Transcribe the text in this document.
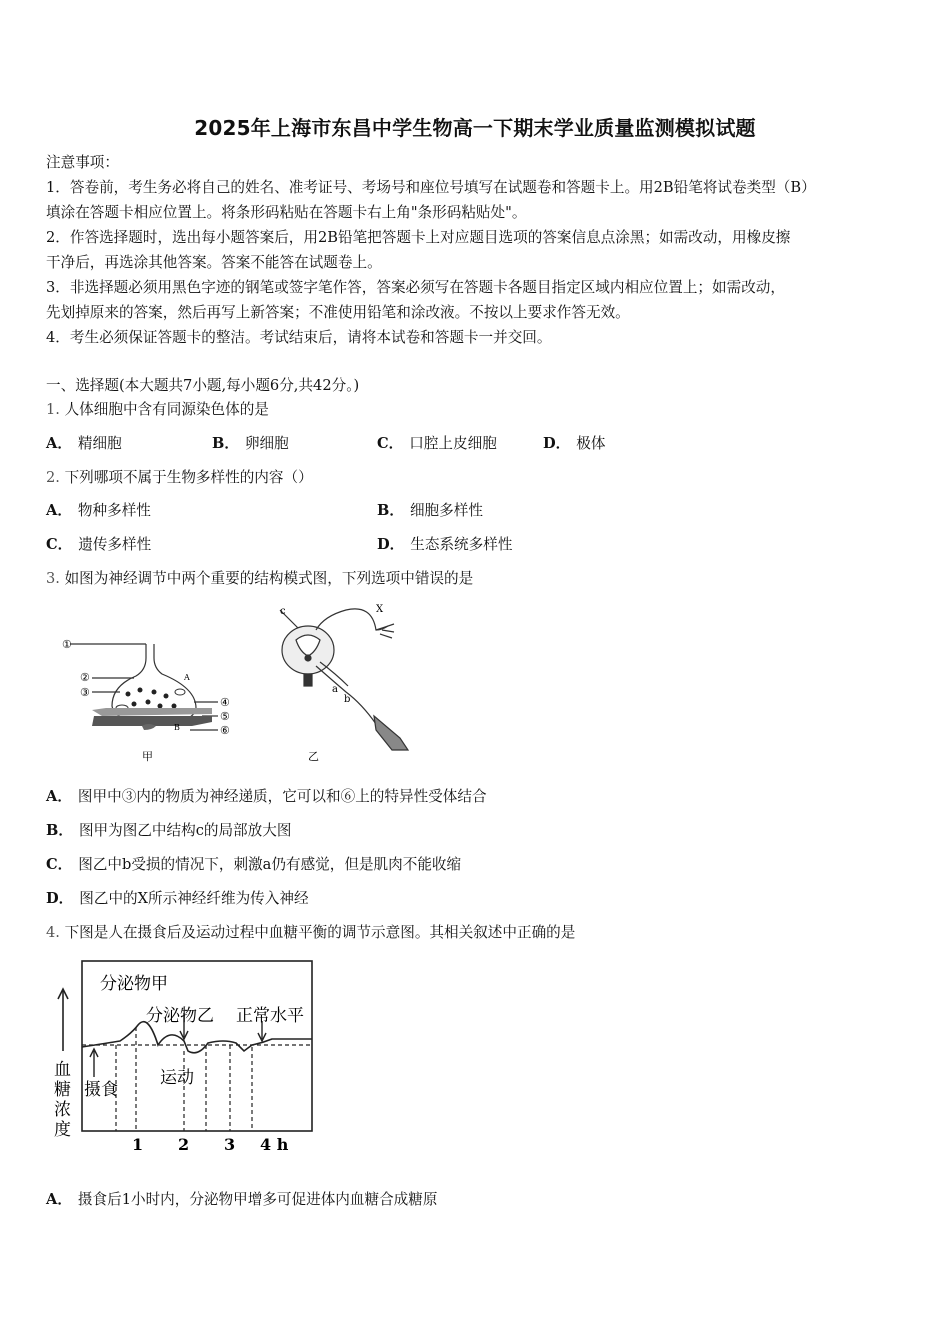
2025年上海市东昌中学生物高一下期末学业质量监测模拟试题

注意事项：

1．答卷前，考生务必将自己的姓名、准考证号、考场号和座位号填写在试题卷和答题卡上。用2B铅笔将试卷类型（B）

填涂在答题卡相应位置上。将条形码粘贴在答题卡右上角"条形码粘贴处"。

2．作答选择题时，选出每小题答案后，用2B铅笔把答题卡上对应题目选项的答案信息点涂黑；如需改动，用橡皮擦

干净后，再选涂其他答案。答案不能答在试题卷上。

3．非选择题必须用黑色字迹的钢笔或签字笔作答，答案必须写在答题卡各题目指定区域内相应位置上；如需改动，

先划掉原来的答案，然后再写上新答案；不准使用铅笔和涂改液。不按以上要求作答无效。

4．考生必须保证答题卡的整洁。考试结束后，请将本试卷和答题卡一并交回。

一、选择题(本大题共7小题,每小题6分,共42分。)
1. 人体细胞中含有同源染色体的是
A． 精细胞	B． 卵细胞	C． 口腔上皮细胞	D． 极体
2. 下列哪项不属于生物多样性的内容（）
A． 物种多样性	B． 细胞多样性
C． 遗传多样性	D． 生态系统多样性
3. 如图为神经调节中两个重要的结构模式图，下列选项中错误的是
①
②
③
④
⑤
⑥
A
B
甲
c	X
a
b
乙
A． 图甲中③内的物质为神经递质，它可以和⑥上的特异性受体结合
B． 图甲为图乙中结构c的局部放大图
C． 图乙中b受损的情况下，刺激a仍有感觉，但是肌肉不能收缩
D． 图乙中的X所示神经纤维为传入神经
4. 下图是人在摄食后及运动过程中血糖平衡的调节示意图。其相关叙述中正确的是
分泌物甲
分泌物乙 正常水平
摄食
运动
血
糖
浓
度
1 2 3 4 h
A． 摄食后1小时内，分泌物甲增多可促进体内血糖合成糖原
